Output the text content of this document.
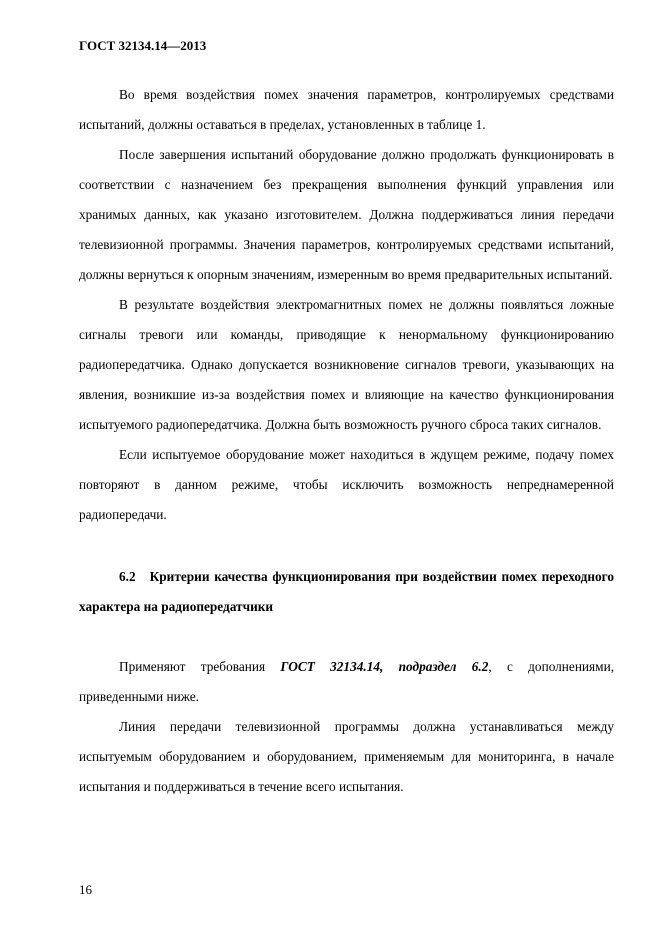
ГОСТ 32134.14—2013

Во время воздействия помех значения параметров, контролируемых средствами испытаний, должны оставаться в пределах, установленных в таблице 1.

После завершения испытаний оборудование должно продолжать функционировать в соответствии с назначением без прекращения выполнения функций управления или хранимых данных, как указано изготовителем. Должна поддерживаться линия передачи телевизионной программы. Значения параметров, контролируемых средствами испытаний, должны вернуться к опорным значениям, измеренным во время предварительных испытаний.

В результате воздействия электромагнитных помех не должны появляться ложные сигналы тревоги или команды, приводящие к ненормальному функционированию радиопередатчика. Однако допускается возникновение сигналов тревоги, указывающих на явления, возникшие из-за воздействия помех и влияющие на качество функционирования испытуемого радиопередатчика. Должна быть возможность ручного сброса таких сигналов.

Если испытуемое оборудование может находиться в ждущем режиме, подачу помех повторяют в данном режиме, чтобы исключить возможность непреднамеренной радиопередачи.

6.2 Критерии качества функционирования при воздействии помех переходного характера на радиопередатчики

Применяют требования ГОСТ 32134.14, подраздел 6.2, с дополнениями, приведенными ниже.

Линия передачи телевизионной программы должна устанавливаться между испытуемым оборудованием и оборудованием, применяемым для мониторинга, в начале испытания и поддерживаться в течение всего испытания.

16
